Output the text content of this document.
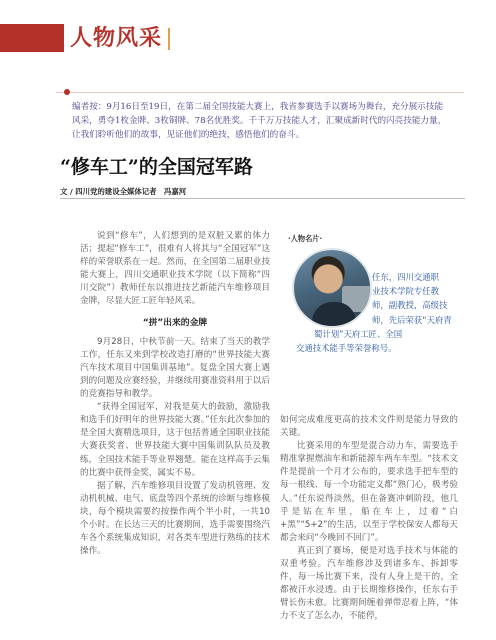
人物风采
编者按：9月16日至19日，在第二届全国技能大赛上，我省参赛选手以赛场为舞台，充分展示技能风采，勇夺1枚金牌、3枚铜牌、78名优胜奖。千千万万技能人才，汇聚成新时代的闪亮技能力量，让我们聆听他们的故事，见证他们的绝技，感悟他们的奋斗。
“修车工”的全国冠军路
文 / 四川党的建设全媒体记者　冯嘉河

说到“修车”，人们想到的是双脏又累的体力活；提起“修车工”，很难有人将其与“全国冠军”这样的荣誉联系在一起。然而，在全国第二届职业技能大赛上，四川交通职业技术学院（以下简称“四川交院”）教师任东以推进技艺新能汽车维修项目金牌，尽显大匠工匠年轻风采。

“拼”出来的金牌

9月28日，中秋节前一天。结束了当天的教学工作，任东又来到学校改造打磨的“世界技能大赛汽车技术项目中国集训基地”。复盘全国大赛上遇到的问题及应赛经验，并继续用赛准资料用于以后的竞赛指导和教学。

“获得全国冠军，对我是莫大的鼓励，激励我和选手们好明年的世界技能大赛。”任东此次参加的是全国大赛精选项目，这于包括普通全国职业技能大赛获奖者、世界技能大赛中国集训队队员及教练，全国技术能手等业界翘楚。能在这样高手云集的比赛中获得金奖，属实不易。

据了解，汽车维修项目设置了发动机管理、发动机机械、电气、底盘等四个系统的诊断与维修模块，每个模块需要约按操作两个半小时，一共10个小时。在长达三天的比赛期间，选手需要围绕汽车各个系统集成知识，对各类车型进行熟练的技术操作。

·人物名片·
任东，四川交通职
业技术学院专任教
师，副教授，高级技
师，先后荣获“天府青
蜀计划”天府工匠、全国
交通技术能手等荣誉称号。

如何完成难度更高的技术文件则是能力导致的关键。

比赛采用的车型是混合动力车，需要选手精准掌握燃油车和新能源车两车车型。“技术文件是提前一个月才公布的，要求选手把车型的每一根线、每一个功能定义都“熟门心，极考验人。”任东说得淡然，但在备赛冲刺阶段，他几乎是钻在车里，船在车上，过着“白+黑”“5+2”的生活，以至于学校保安人都每天都会来问“今晚回不回门”。

真正到了赛场，便是对选手技术与体能的双重考验。汽车维修涉及到诸多车、拆卸零件，每一场比赛下来，没有人身上是干的，全都被汗水浸透。由于长期维修操作，任东右手臂长伤未愈。比赛期间缠着弹带忍着上阵，“体力不支了怎么办，不能停，
